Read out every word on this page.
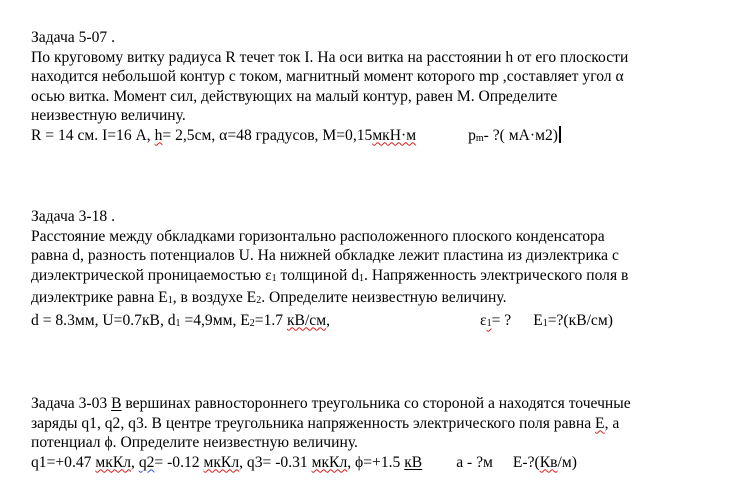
Задача 5-07 .
По круговому витку радиуса R течет ток I. На оси витка на расстоянии h от его плоскости
находится небольшой контур с током, магнитный момент которого mp ,составляет угол α
осью витка. Момент сил, действующих на малый контур, равен M. Определите
неизвестную величину.
R = 14 см. I=16 А, h= 2,5см, α=48 градусов, M=0,15мкН·м	pm- ?( мА·м2)
Задача 3-18 .
Расстояние между обкладками горизонтально расположенного плоского конденсатора
равна d, разность потенциалов U. На нижней обкладке лежит пластина из диэлектрика с
диэлектрической проницаемостью ε1 толщиной d1. Напряженность электрического поля в
диэлектрике равна E1, в воздухе E2. Определите неизвестную величину.
d = 8.3мм, U=0.7кВ, d1 =4,9мм, E2=1.7 кВ/см,	ε1= ? E1=?(кВ/см)
Задача 3-03 В вершинах равностороннего треугольника со стороной a находятся точечные
заряды q1, q2, q3. В центре треугольника напряженность электрического поля равна E, а
потенциал ϕ. Определите неизвестную величину.
q1=+0.47 мкКл, q2= -0.12 мкКл, q3= -0.31 мкКл, ϕ=+1.5 кВ a - ?м E-?(Кв/м)
